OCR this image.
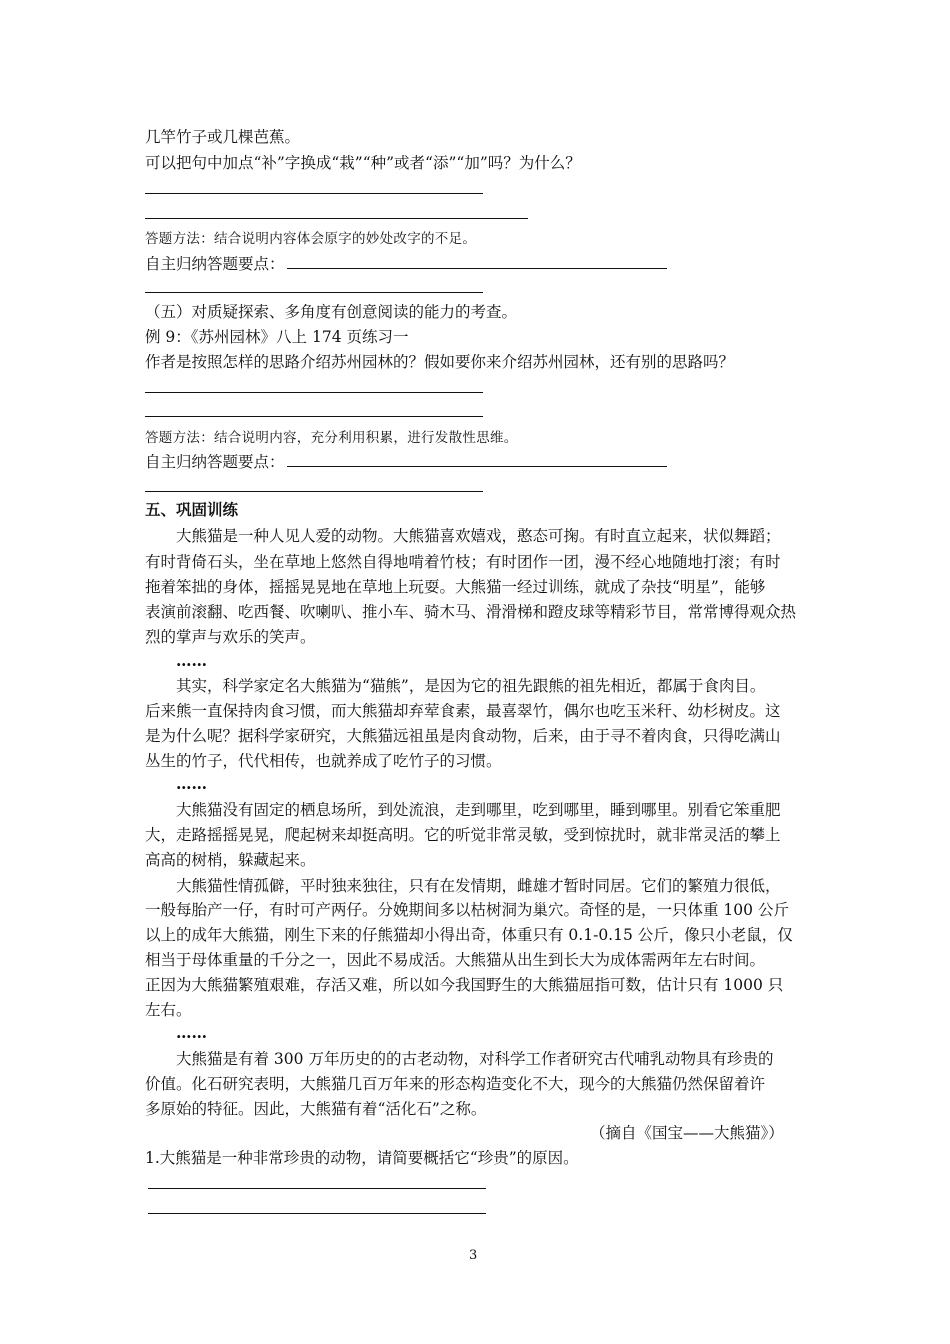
几竿竹子或几棵芭蕉。
可以把句中加点“补”字换成“栽”“种”或者“添”“加”吗？为什么？
答题方法：结合说明内容体会原字的妙处改字的不足。
自主归纳答题要点：
（五）对质疑探索、多角度有创意阅读的能力的考查。
例 9：《苏州园林》八上 174 页练习一
作者是按照怎样的思路介绍苏州园林的？假如要你来介绍苏州园林，还有别的思路吗？
答题方法：结合说明内容，充分利用积累，进行发散性思维。
自主归纳答题要点：
五、巩固训练
大熊猫是一种人见人爱的动物。大熊猫喜欢嬉戏，憨态可掬。有时直立起来，状似舞蹈；
有时背倚石头，坐在草地上悠然自得地啃着竹枝；有时团作一团，漫不经心地随地打滚；有时
拖着笨拙的身体，摇摇晃晃地在草地上玩耍。大熊猫一经过训练，就成了杂技“明星”，能够
表演前滚翻、吃西餐、吹喇叭、推小车、骑木马、滑滑梯和蹬皮球等精彩节目，常常博得观众热
烈的掌声与欢乐的笑声。
……
其实，科学家定名大熊猫为“猫熊”，是因为它的祖先跟熊的祖先相近，都属于食肉目。
后来熊一直保持肉食习惯，而大熊猫却弃荤食素，最喜翠竹，偶尔也吃玉米秆、幼杉树皮。这
是为什么呢？据科学家研究，大熊猫远祖虽是肉食动物，后来，由于寻不着肉食，只得吃满山
丛生的竹子，代代相传，也就养成了吃竹子的习惯。
……
大熊猫没有固定的栖息场所，到处流浪，走到哪里，吃到哪里，睡到哪里。别看它笨重肥
大，走路摇摇晃晃，爬起树来却挺高明。它的听觉非常灵敏，受到惊扰时，就非常灵活的攀上
高高的树梢，躲藏起来。
大熊猫性情孤僻，平时独来独往，只有在发情期，雌雄才暂时同居。它们的繁殖力很低，
一般每胎产一仔，有时可产两仔。分娩期间多以枯树洞为巢穴。奇怪的是，一只体重 100 公斤
以上的成年大熊猫，刚生下来的仔熊猫却小得出奇，体重只有 0.1-0.15 公斤，像只小老鼠，仅
相当于母体重量的千分之一，因此不易成活。大熊猫从出生到长大为成体需两年左右时间。
正因为大熊猫繁殖艰难，存活又难，所以如今我国野生的大熊猫屈指可数，估计只有 1000 只
左右。
……
大熊猫是有着 300 万年历史的的古老动物，对科学工作者研究古代哺乳动物具有珍贵的
价值。化石研究表明，大熊猫几百万年来的形态构造变化不大，现今的大熊猫仍然保留着许
多原始的特征。因此，大熊猫有着“活化石”之称。
（摘自《国宝——大熊猫》）
1.大熊猫是一种非常珍贵的动物，请简要概括它“珍贵”的原因。
3
